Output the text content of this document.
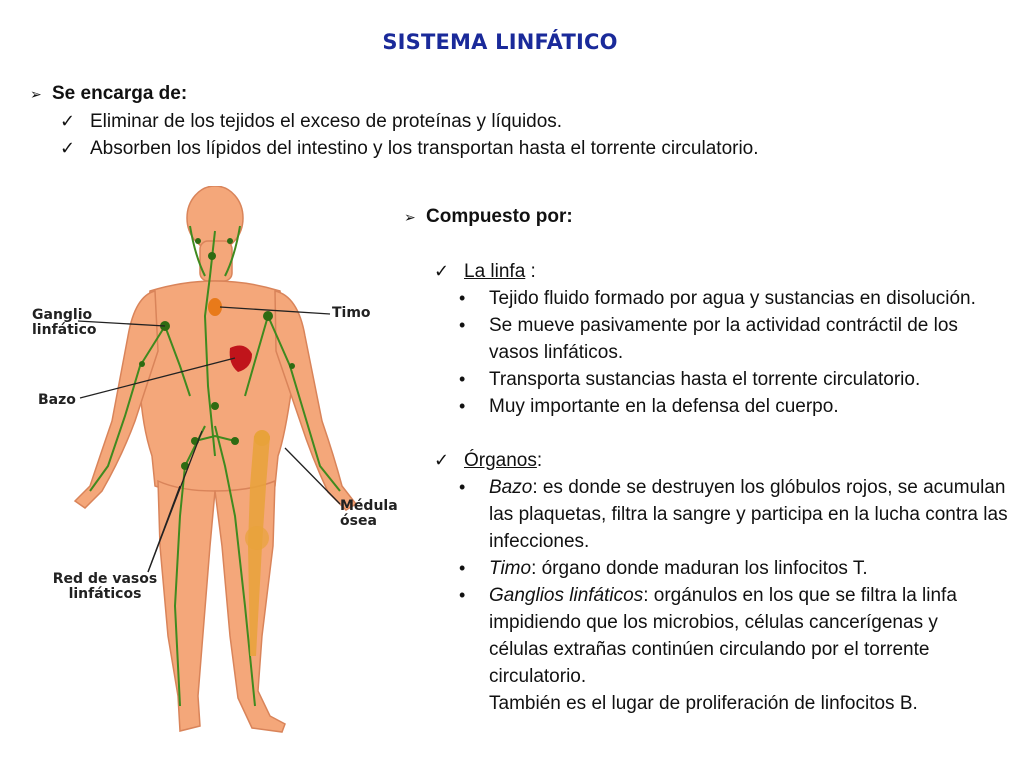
SISTEMA LINFÁTICO
➢ Se encarga de:
✓ Eliminar de los tejidos el exceso de proteínas y líquidos.
✓ Absorben los lípidos del intestino y los transportan hasta el torrente circulatorio.
Ganglio linfático
Timo
Bazo
Médula ósea
Red de vasos linfáticos
➢ Compuesto por:
✓ La linfa :
•	Tejido fluido formado por agua y sustancias en disolución.
•	Se mueve pasivamente por la actividad contráctil de los vasos linfáticos.
•	Transporta sustancias hasta el torrente circulatorio.
•	Muy importante en la defensa del cuerpo.
✓ Órganos:
•	Bazo: es donde se destruyen los glóbulos rojos, se acumulan las plaquetas, filtra la sangre y participa en la lucha contra las infecciones.
•	Timo: órgano donde maduran los linfocitos T.
•	Ganglios linfáticos: orgánulos en los que se filtra la linfa impidiendo que los microbios, células cancerígenas y células extrañas continúen circulando por el torrente circulatorio.
También es el lugar de proliferación de linfocitos B.
